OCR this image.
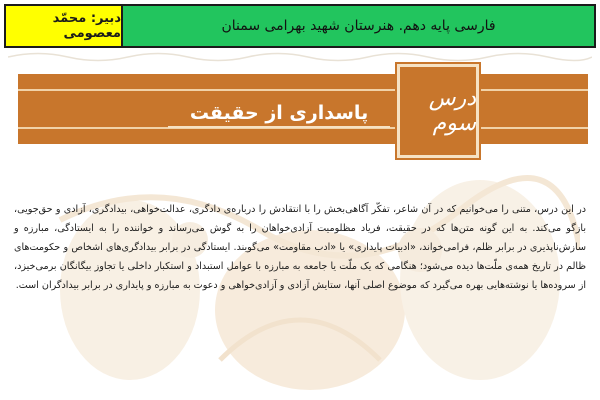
دبیر: محمّد معصومی	فارسی پایه دهم. هنرستان شهید بهرامی سمنان
پاسداری از حقیقت
درس سوم

در این درس، متنی را می‌خوانیم که در آن شاعر، تفکّر آگاهی‌بخش را با انتقادش را درباره‌ی دادگری، عدالت‌خواهی، بیدادگری، آزادی و حق‌جویی، بازگو می‌کند. به این گونه متن‌ها که در حقیقت، فریاد مظلومیت آزادی‌خواهان را به گوش می‌رساند و خواننده را به ایستادگی، مبارزه و سازش‌ناپذیری در برابر ظلم، فرامی‌خواند، «ادبیات پایداری» یا «ادب مقاومت» می‌گویند. ایستادگی در برابر بیدادگری‌های اشخاص و حکومت‌های ظالم در تاریخ همه‌ی ملّت‌ها دیده می‌شود؛ هنگامی که یک ملّت یا جامعه به مبارزه با عوامل استبداد و استکبار داخلی یا تجاوز بیگانگان برمی‌خیزد، از سروده‌ها یا نوشته‌هایی بهره می‌گیرد که موضوع اصلی آنها، ستایش آزادی و آزادی‌خواهی و دعوت به مبارزه و پایداری در برابر بیدادگران است.
